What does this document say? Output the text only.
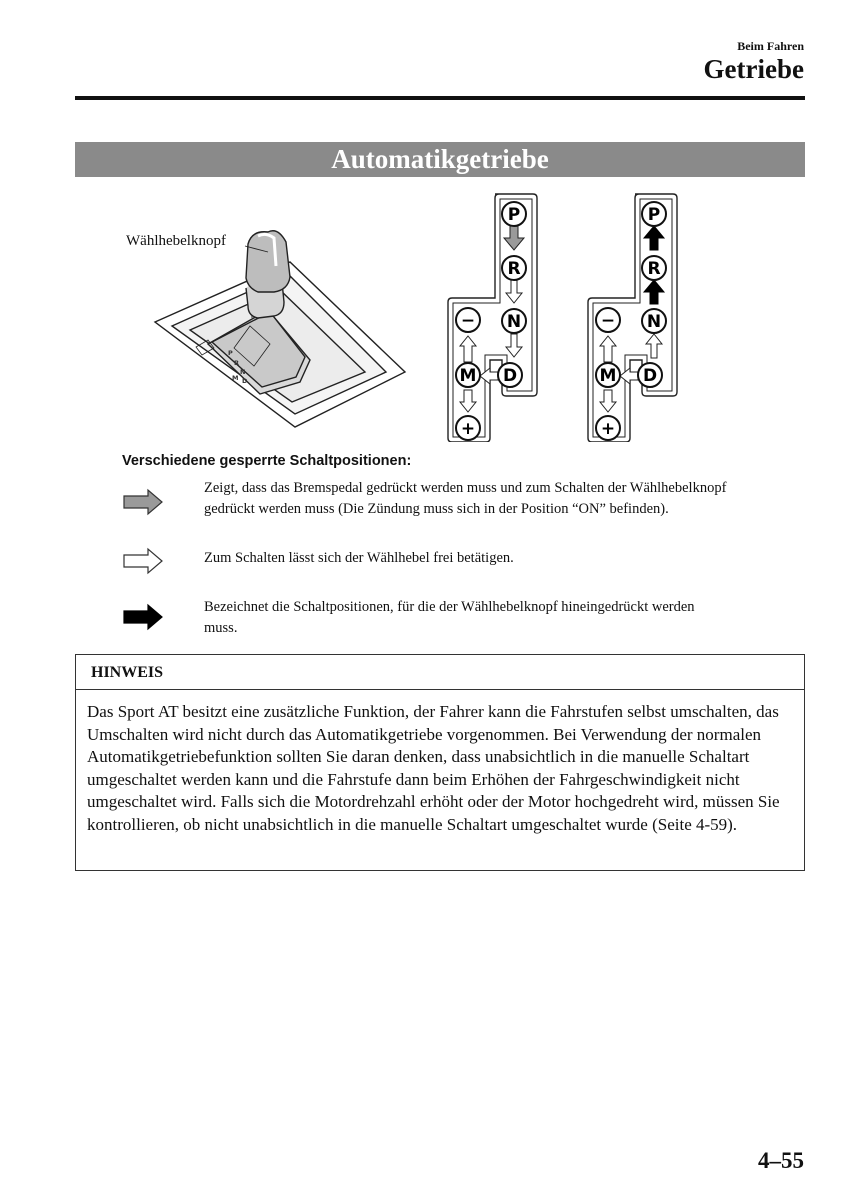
Beim Fahren
Getriebe
Automatikgetriebe
P
R
N
D
M
Wählhebelknopf
P
R
N
D
M
−
+
P
R
N
D
M
−
+
Verschiedene gesperrte Schaltpositionen:
Zeigt, dass das Bremspedal gedrückt werden muss und zum Schalten der Wählhebelknopf gedrückt werden muss (Die Zündung muss sich in der Position “ON” befinden).
Zum Schalten lässt sich der Wählhebel frei betätigen.
Bezeichnet die Schaltpositionen, für die der Wählhebelknopf hineingedrückt werden muss.
HINWEIS
Das Sport AT besitzt eine zusätzliche Funktion, der Fahrer kann die Fahrstufen selbst umschalten, das Umschalten wird nicht durch das Automatikgetriebe vorgenommen. Bei Verwendung der normalen Automatikgetriebefunktion sollten Sie daran denken, dass unabsichtlich in die manuelle Schaltart umgeschaltet werden kann und die Fahrstufe dann beim Erhöhen der Fahrgeschwindigkeit nicht umgeschaltet wird. Falls sich die Motordrehzahl erhöht oder der Motor hochgedreht wird, müssen Sie kontrollieren, ob nicht unabsichtlich in die manuelle Schaltart umgeschaltet wurde (Seite 4-59).
4–55
